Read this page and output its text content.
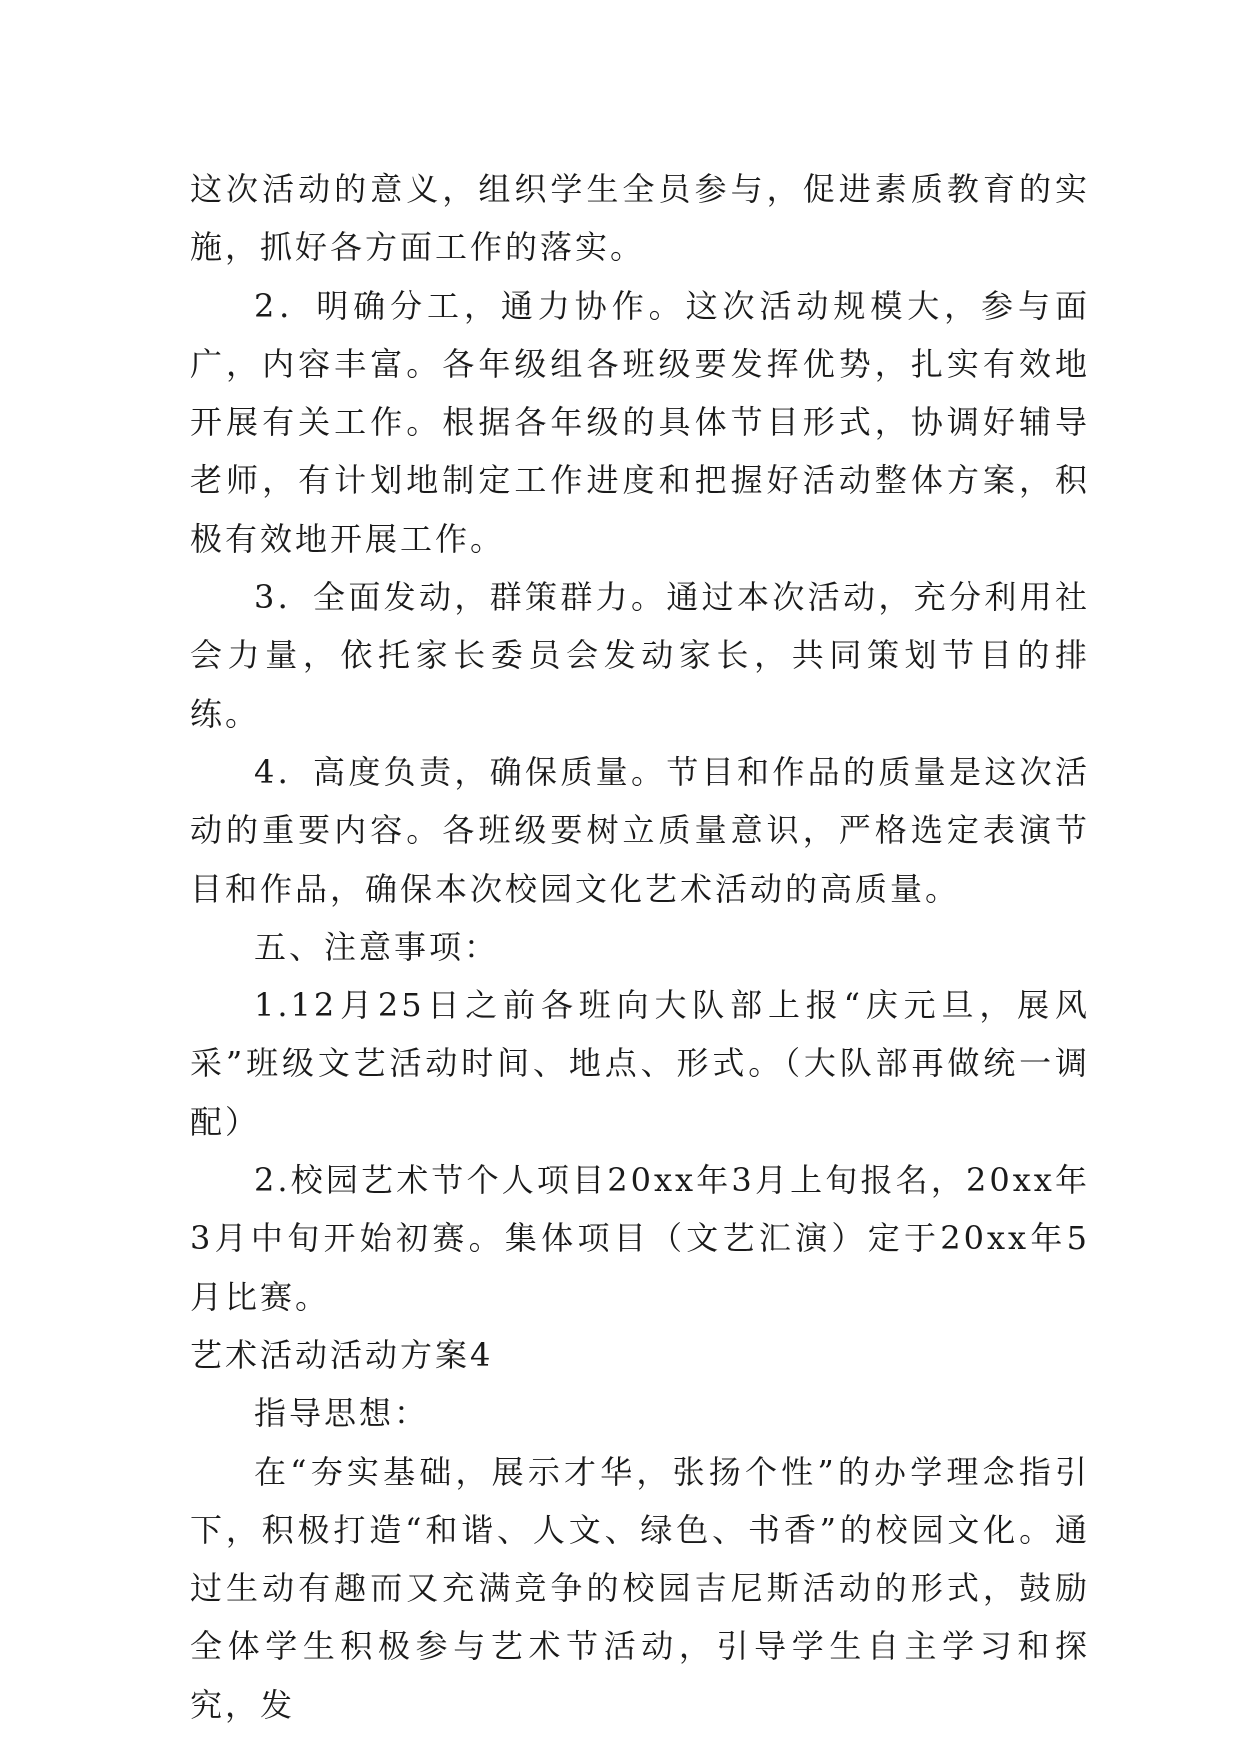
这次活动的意义，组织学生全员参与，促进素质教育的实施，抓好各方面工作的落实。

2．明确分工，通力协作。这次活动规模大，参与面广，内容丰富。各年级组各班级要发挥优势，扎实有效地开展有关工作。根据各年级的具体节目形式，协调好辅导老师，有计划地制定工作进度和把握好活动整体方案，积极有效地开展工作。

3．全面发动，群策群力。通过本次活动，充分利用社会力量，依托家长委员会发动家长，共同策划节目的排练。

4．高度负责，确保质量。节目和作品的质量是这次活动的重要内容。各班级要树立质量意识，严格选定表演节目和作品，确保本次校园文化艺术活动的高质量。

五、注意事项：

1.12月25日之前各班向大队部上报“庆元旦，展风采”班级文艺活动时间、地点、形式。（大队部再做统一调配）

2.校园艺术节个人项目20xx年3月上旬报名，20xx年3月中旬开始初赛。集体项目（文艺汇演）定于20xx年5月比赛。

艺术活动活动方案4

指导思想：

在“夯实基础，展示才华，张扬个性”的办学理念指引下，积极打造“和谐、人文、绿色、书香”的校园文化。通过生动有趣而又充满竞争的校园吉尼斯活动的形式，鼓励全体学生积极参与艺术节活动，引导学生自主学习和探究，发
